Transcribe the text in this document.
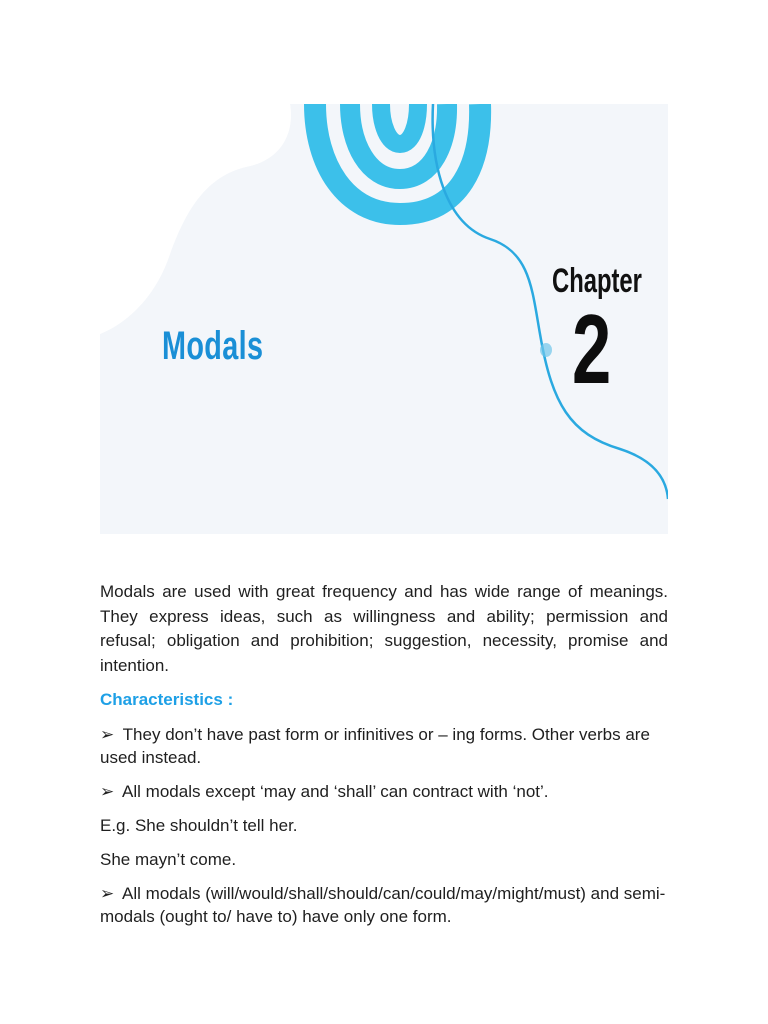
Modals
Chapter
2

Modals are used with great frequency and has wide range of meanings. They express ideas, such as willingness and ability; permission and refusal; obligation and prohibition; suggestion, necessity, promise and intention.

Characteristics :

➢ They don’t have past form or infinitives or – ing forms. Other verbs are used instead.

➢ All modals except ‘may and ‘shall’ can contract with ‘not’.

E.g. She shouldn’t tell her.

She mayn’t come.

➢ All modals (will/would/shall/should/can/could/may/might/must) and semi-modals (ought to/ have to) have only one form.
